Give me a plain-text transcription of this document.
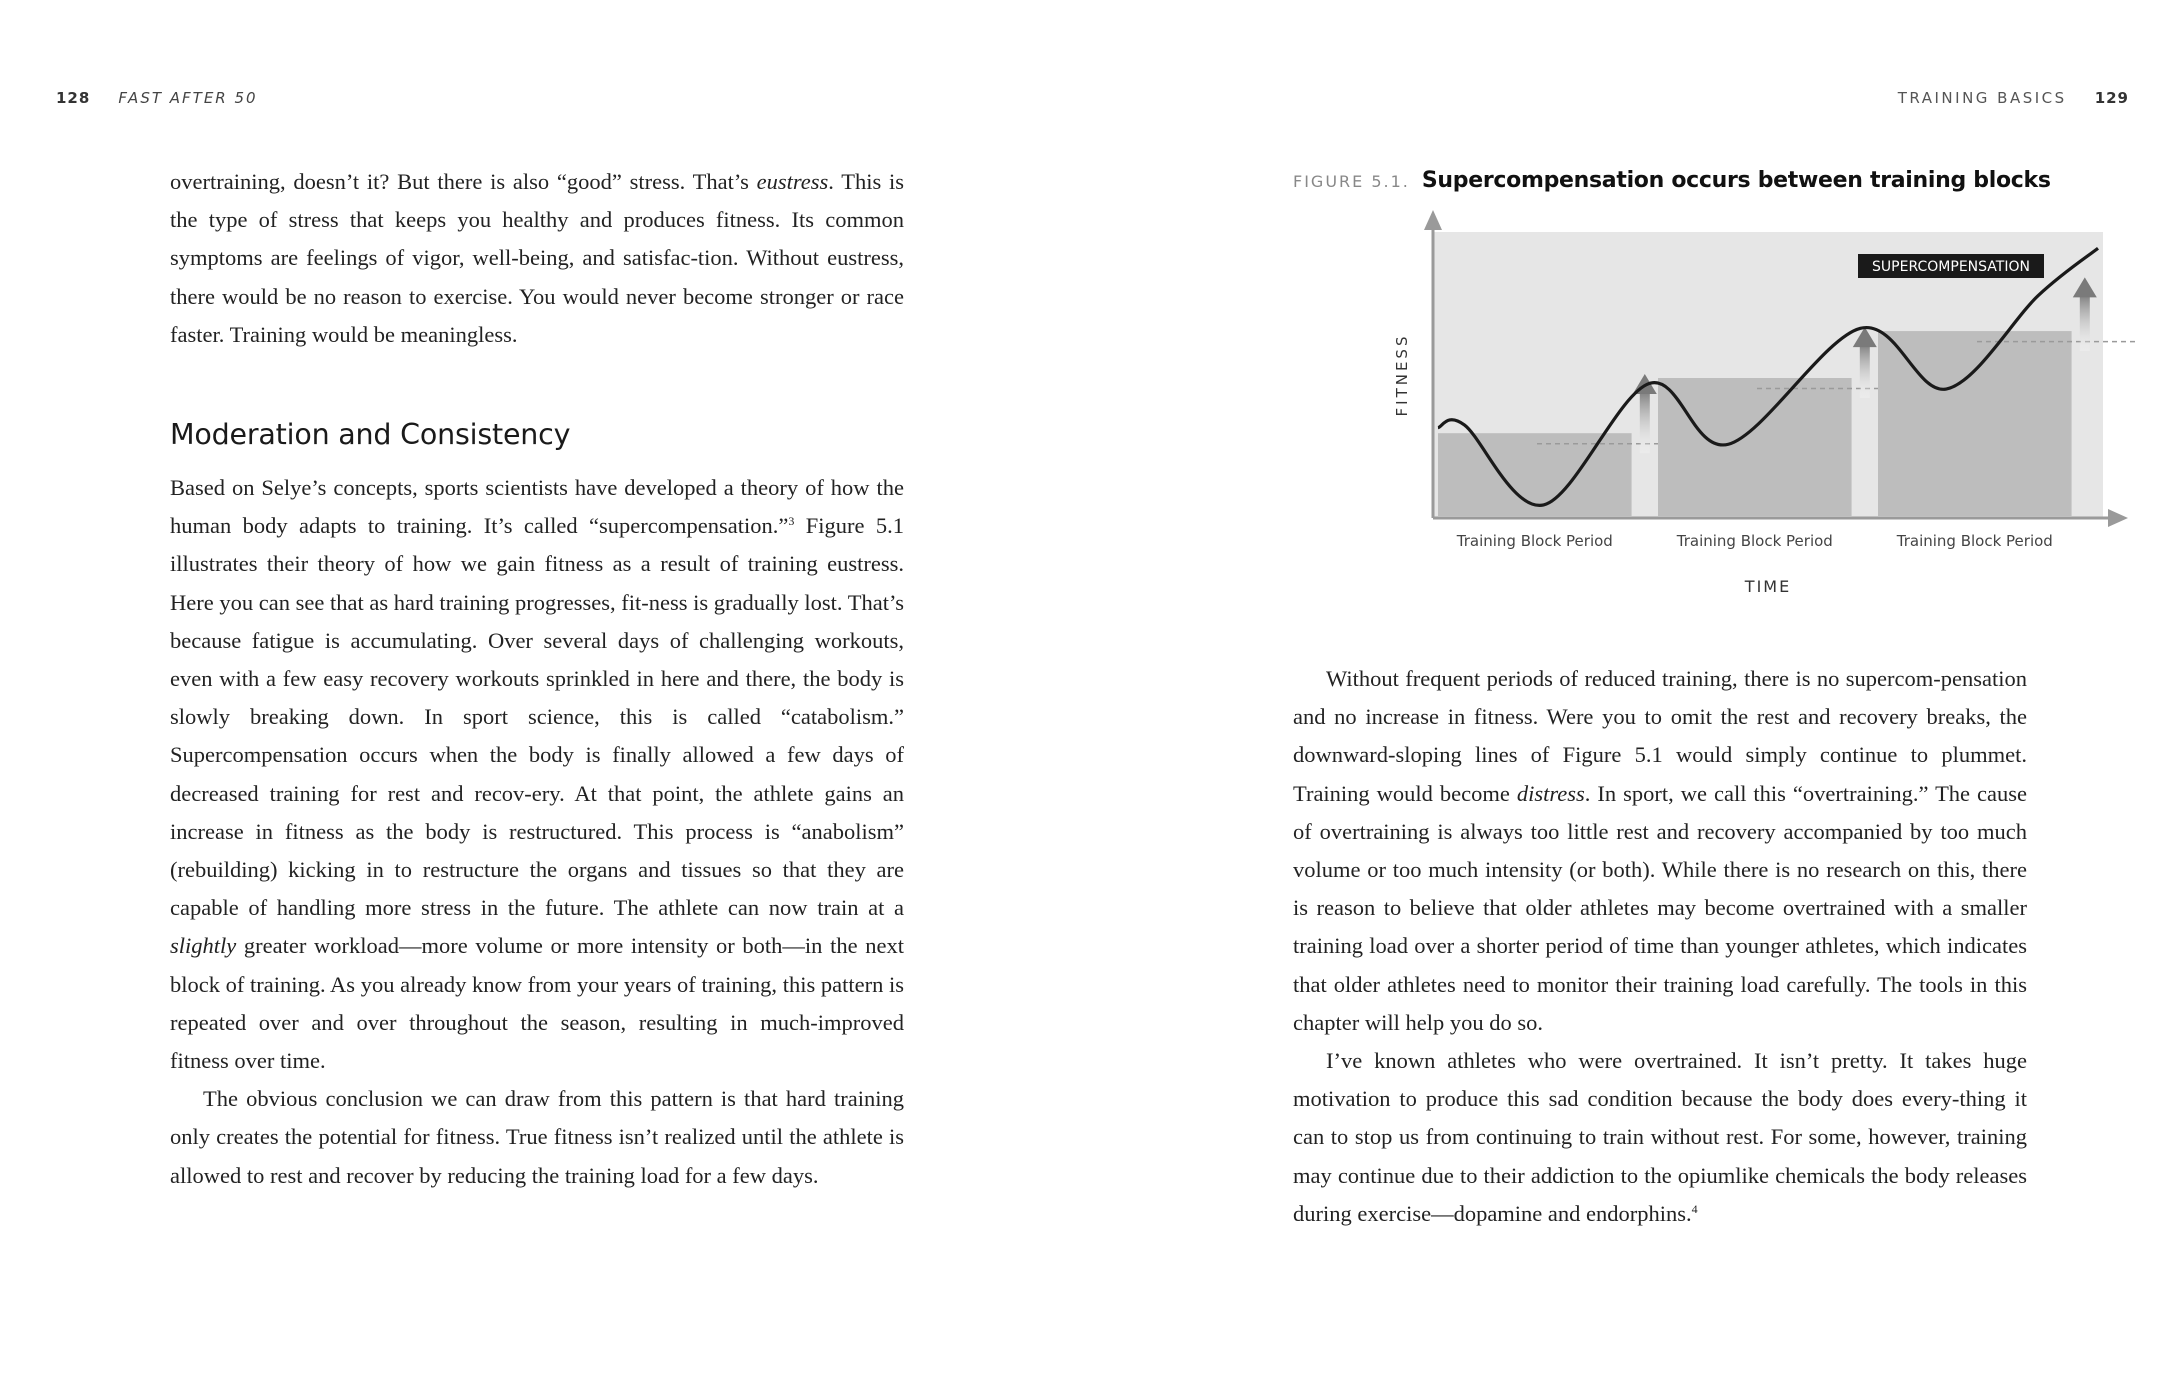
128 FAST AFTER 50

overtraining, doesn’t it? But there is also “good” stress. That’s eustress. This is the type of stress that keeps you healthy and produces fitness. Its common symptoms are feelings of vigor, well-being, and satisfac-tion. Without eustress, there would be no reason to exercise. You would never become stronger or race faster. Training would be meaningless.

Moderation and Consistency

Based on Selye’s concepts, sports scientists have developed a theory of how the human body adapts to training. It’s called “supercompensation.”$^3$ Figure 5.1 illustrates their theory of how we gain fitness as a result of training eustress. Here you can see that as hard training progresses, fit-ness is gradually lost. That’s because fatigue is accumulating. Over several days of challenging workouts, even with a few easy recovery workouts sprinkled in here and there, the body is slowly breaking down. In sport science, this is called “catabolism.” Supercompensation occurs when the body is finally allowed a few days of decreased training for rest and recov-ery. At that point, the athlete gains an increase in fitness as the body is restructured. This process is “anabolism” (rebuilding) kicking in to restructure the organs and tissues so that they are capable of handling more stress in the future. The athlete can now train at a slightly greater workload—more volume or more intensity or both—in the next block of training. As you already know from your years of training, this pattern is repeated over and over throughout the season, resulting in much-improved fitness over time.

The obvious conclusion we can draw from this pattern is that hard training only creates the potential for fitness. True fitness isn’t realized until the athlete is allowed to rest and recover by reducing the training load for a few days.

TRAINING BASICS 129
FIGURE 5.1. Supercompensation occurs between training blocks
SUPERCOMPENSATION
FITNESS
Training Block Period	Training Block Period	Training Block Period
TIME

Without frequent periods of reduced training, there is no supercom-pensation and no increase in fitness. Were you to omit the rest and recovery breaks, the downward-sloping lines of Figure 5.1 would simply continue to plummet. Training would become distress. In sport, we call this “overtraining.” The cause of overtraining is always too little rest and recovery accompanied by too much volume or too much intensity (or both). While there is no research on this, there is reason to believe that older athletes may become overtrained with a smaller training load over a shorter period of time than younger athletes, which indicates that older athletes need to monitor their training load carefully. The tools in this chapter will help you do so.

I’ve known athletes who were overtrained. It isn’t pretty. It takes huge motivation to produce this sad condition because the body does every-thing it can to stop us from continuing to train without rest. For some, however, training may continue due to their addiction to the opiumlike chemicals the body releases during exercise—dopamine and endorphins.$^4$
